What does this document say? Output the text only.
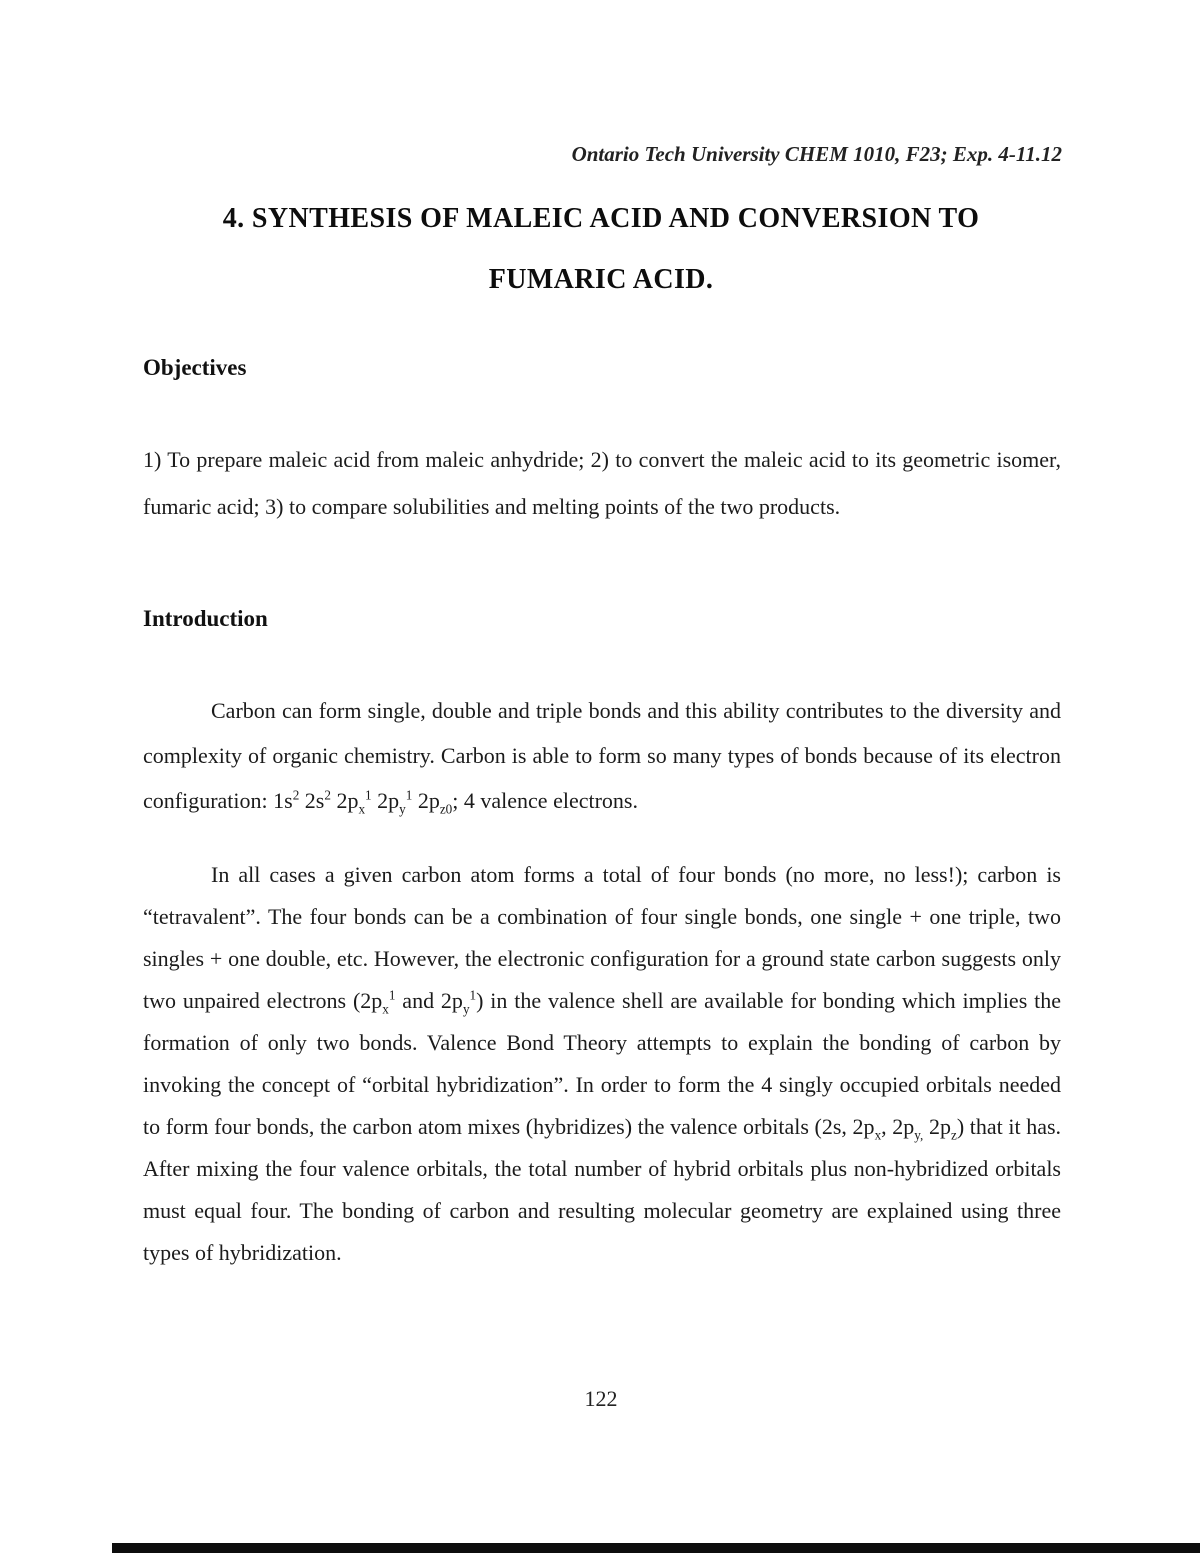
Ontario Tech University CHEM 1010, F23; Exp. 4-11.12
4. SYNTHESIS OF MALEIC ACID AND CONVERSION TO
FUMARIC ACID.
Objectives
1) To prepare maleic acid from maleic anhydride; 2) to convert the maleic acid to its geometric isomer, fumaric acid; 3) to compare solubilities and melting points of the two products.
Introduction
Carbon can form single, double and triple bonds and this ability contributes to the diversity and complexity of organic chemistry. Carbon is able to form so many types of bonds because of its electron configuration: $1s^2$ $2s^2$ $2p_x^1$ $2p_y^1$ $2p_{z0}$; 4 valence electrons.
In all cases a given carbon atom forms a total of four bonds (no more, no less!); carbon is “tetravalent”. The four bonds can be a combination of four single bonds, one single + one triple, two singles + one double, etc. However, the electronic configuration for a ground state carbon suggests only two unpaired electrons ($2p_x^1$ and $2p_y^1$) in the valence shell are available for bonding which implies the formation of only two bonds. Valence Bond Theory attempts to explain the bonding of carbon by invoking the concept of “orbital hybridization”. In order to form the 4 singly occupied orbitals needed to form four bonds, the carbon atom mixes (hybridizes) the valence orbitals (2s, $2p_x$, $2p_{y,}$ $2p_z$) that it has. After mixing the four valence orbitals, the total number of hybrid orbitals plus non-hybridized orbitals must equal four. The bonding of carbon and resulting molecular geometry are explained using three types of hybridization.
122
